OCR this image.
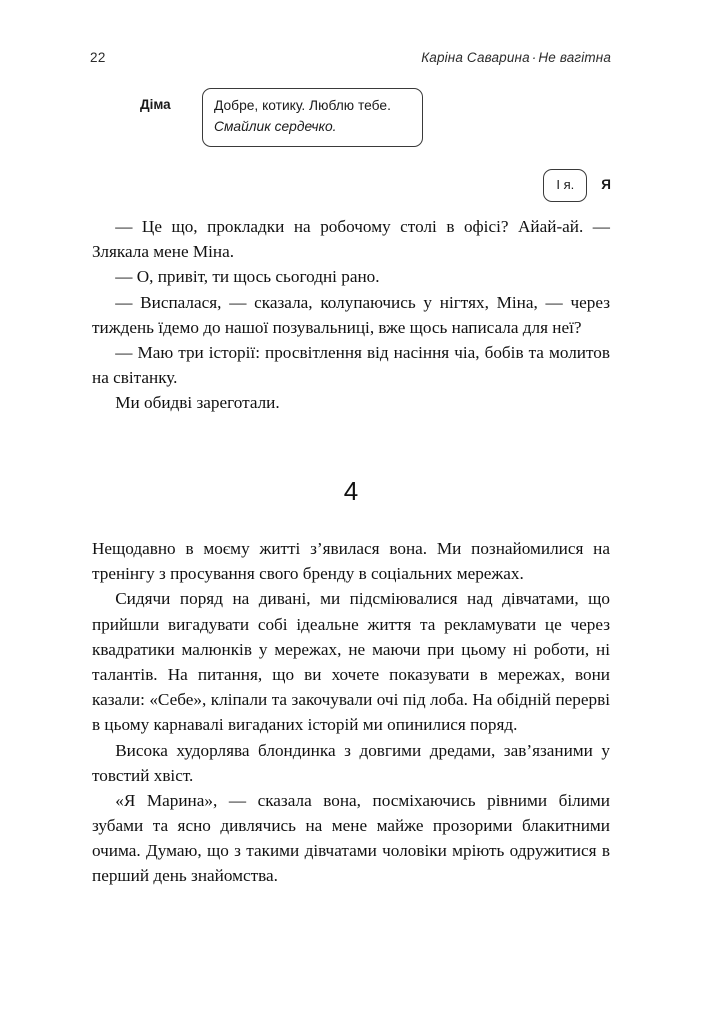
22	Каріна Саварина · Не вагітна
Діма	Добре, котику. Люблю тебе.
Смайлик сердечко.
І я. Я

— Це що, прокладки на робочому столі в офісі? Айай-ай. — Злякала мене Міна.

— О, привіт, ти щось сьогодні рано.

— Виспалася, — сказала, колупаючись у нігтях, Міна, — через тиждень їдемо до нашої позувальниці, вже щось написала для неї?

— Маю три історії: просвітлення від насіння чіа, бобів та молитов на світанку.

Ми обидві зареготали.

4

Нещодавно в моєму житті з’явилася вона. Ми познайомилися на тренінгу з просування свого бренду в соціальних мережах.

Сидячи поряд на дивані, ми підсміювалися над дівчатами, що прийшли вигадувати собі ідеальне життя та рекламувати це через квадратики малюнків у мережах, не маючи при цьому ні роботи, ні талантів. На питання, що ви хочете показувати в мережах, вони казали: «Себе», кліпали та закочували очі під лоба. На обідній перерві в цьому карнавалі вигаданих історій ми опинилися поряд.

Висока худорлява блондинка з довгими дредами, зав’язаними у товстий хвіст.

«Я Марина», — сказала вона, посміхаючись рівними білими зубами та ясно дивлячись на мене майже прозорими блакитними очима. Думаю, що з такими дівчатами чоловіки мріють одружитися в перший день знайомства.
